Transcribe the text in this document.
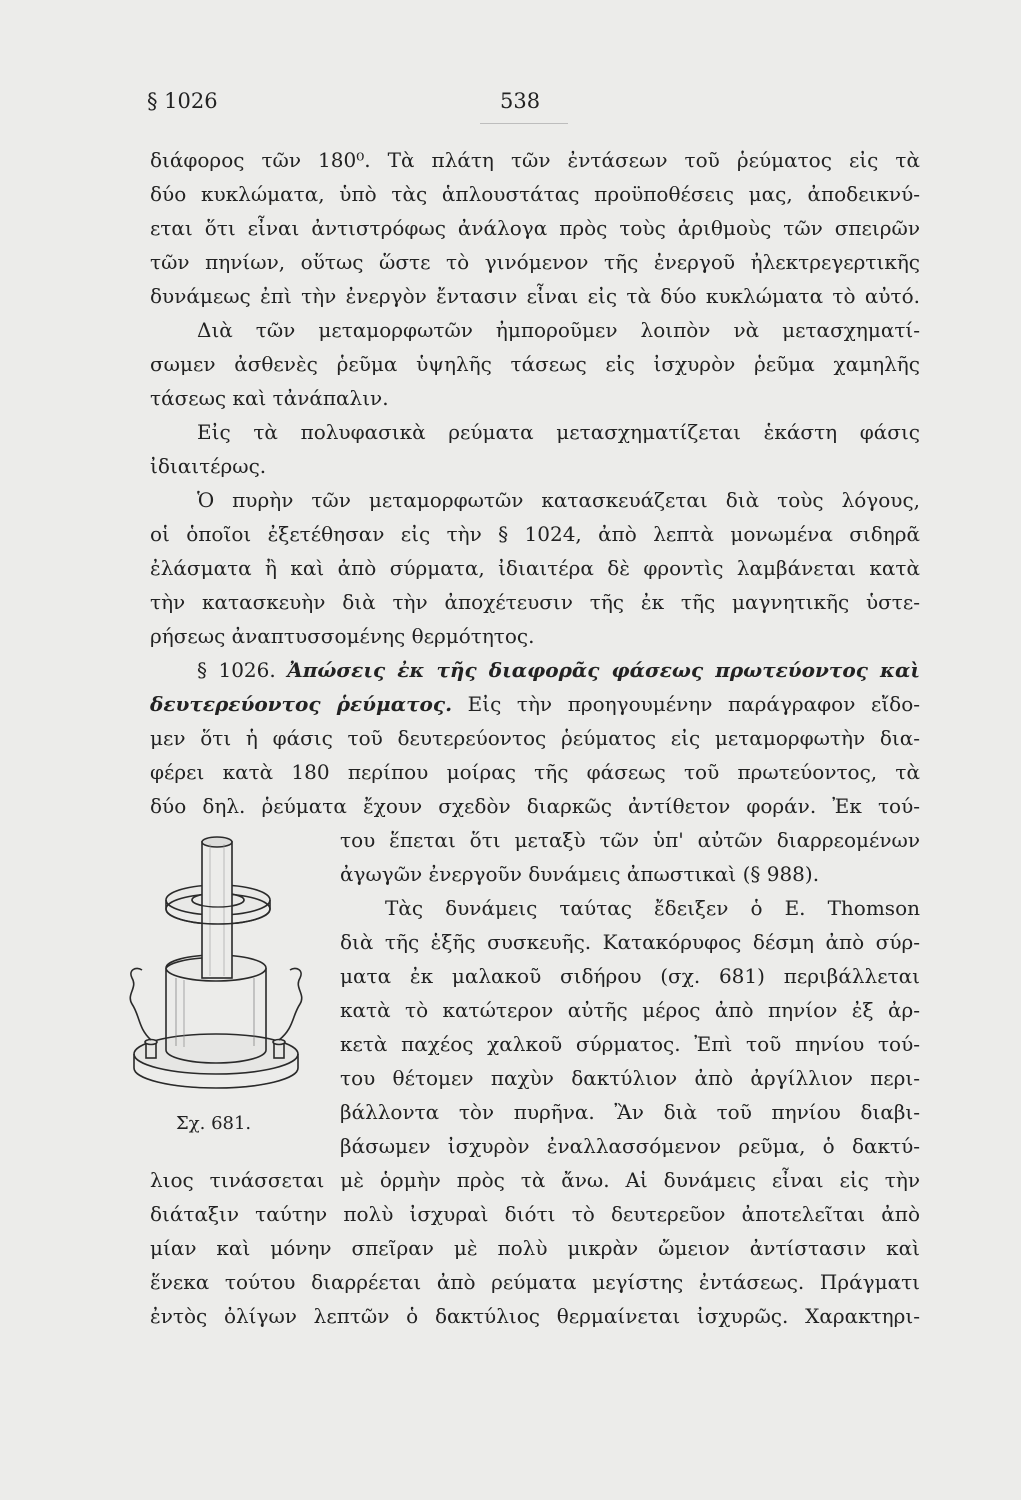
§ 1026	538
διάφορος τῶν 180⁰. Τὰ πλάτη τῶν ἐντάσεων τοῦ ῥεύματος εἰς τὰ
δύο κυκλώματα, ὑπὸ τὰς ἁπλουστάτας προϋποθέσεις μας, ἀποδεικνύ-
εται ὅτι εἶναι ἀντιστρόφως ἀνάλογα πρὸς τοὺς ἀριθμοὺς τῶν σπειρῶν
τῶν πηνίων, οὕτως ὥστε τὸ γινόμενον τῆς ἐνεργοῦ ἠλεκτρεγερτικῆς
δυνάμεως ἐπὶ τὴν ἐνεργὸν ἔντασιν εἶναι εἰς τὰ δύο κυκλώματα τὸ αὐτό.
Διὰ τῶν μεταμορφωτῶν ἠμποροῦμεν λοιπὸν νὰ μετασχηματί-
σωμεν ἀσθενὲς ῥεῦμα ὑψηλῆς τάσεως εἰς ἰσχυρὸν ῥεῦμα χαμηλῆς
τάσεως καὶ τἀνάπαλιν.
Εἰς τὰ πολυφασικὰ ρεύματα μετασχηματίζεται ἑκάστη φάσις
ἰδιαιτέρως.
Ὁ πυρὴν τῶν μεταμορφωτῶν κατασκευάζεται διὰ τοὺς λόγους,
οἱ ὁποῖοι ἐξετέθησαν εἰς τὴν § 1024, ἀπὸ λεπτὰ μονωμένα σιδηρᾶ
ἐλάσματα ἢ καὶ ἀπὸ σύρματα, ἰδιαιτέρα δὲ φροντὶς λαμβάνεται κατὰ
τὴν κατασκευὴν διὰ τὴν ἀποχέτευσιν τῆς ἐκ τῆς μαγνητικῆς ὑστε-
ρήσεως ἀναπτυσσομένης θερμότητος.
§ 1026. Ἀπώσεις ἐκ τῆς διαφορᾶς φάσεως πρωτεύοντος καὶ
δευτερεύοντος ῥεύματος. Εἰς τὴν προηγουμένην παράγραφον εἴδο-
μεν ὅτι ἡ φάσις τοῦ δευτερεύοντος ῥεύματος εἰς μεταμορφωτὴν δια-
φέρει κατὰ 180 περίπου μοίρας τῆς φάσεως τοῦ πρωτεύοντος, τὰ
δύο δηλ. ῥεύματα ἔχουν σχεδὸν διαρκῶς ἀντίθετον φοράν. Ἐκ τού-
του ἕπεται ὅτι μεταξὺ τῶν ὑπ' αὐτῶν διαρρεομένων
ἀγωγῶν ἐνεργοῦν δυνάμεις ἀπωστικαὶ (§ 988).
Τὰς δυνάμεις ταύτας ἔδειξεν ὁ E. Thomson
διὰ τῆς ἑξῆς συσκευῆς. Κατακόρυφος δέσμη ἀπὸ σύρ-
ματα ἐκ μαλακοῦ σιδήρου (σχ. 681) περιβάλλεται
κατὰ τὸ κατώτερον αὐτῆς μέρος ἀπὸ πηνίον ἐξ ἀρ-
κετὰ παχέος χαλκοῦ σύρματος. Ἐπὶ τοῦ πηνίου τού-
του θέτομεν παχὺν δακτύλιον ἀπὸ ἀργίλλιον περι-
βάλλοντα τὸν πυρῆνα. Ἂν διὰ τοῦ πηνίου διαβι-
βάσωμεν ἰσχυρὸν ἐναλλασσόμενον ρεῦμα, ὁ δακτύ-
λιος τινάσσεται μὲ ὁρμὴν πρὸς τὰ ἄνω. Αἱ δυνάμεις εἶναι εἰς τὴν
διάταξιν ταύτην πολὺ ἰσχυραὶ διότι τὸ δευτερεῦον ἀποτελεῖται ἀπὸ
μίαν καὶ μόνην σπεῖραν μὲ πολὺ μικρὰν ὤμειον ἀντίστασιν καὶ
ἕνεκα τούτου διαρρέεται ἀπὸ ρεύματα μεγίστης ἐντάσεως. Πράγματι
ἐντὸς ὀλίγων λεπτῶν ὁ δακτύλιος θερμαίνεται ἰσχυρῶς. Χαρακτηρι-
Σχ. 681.
